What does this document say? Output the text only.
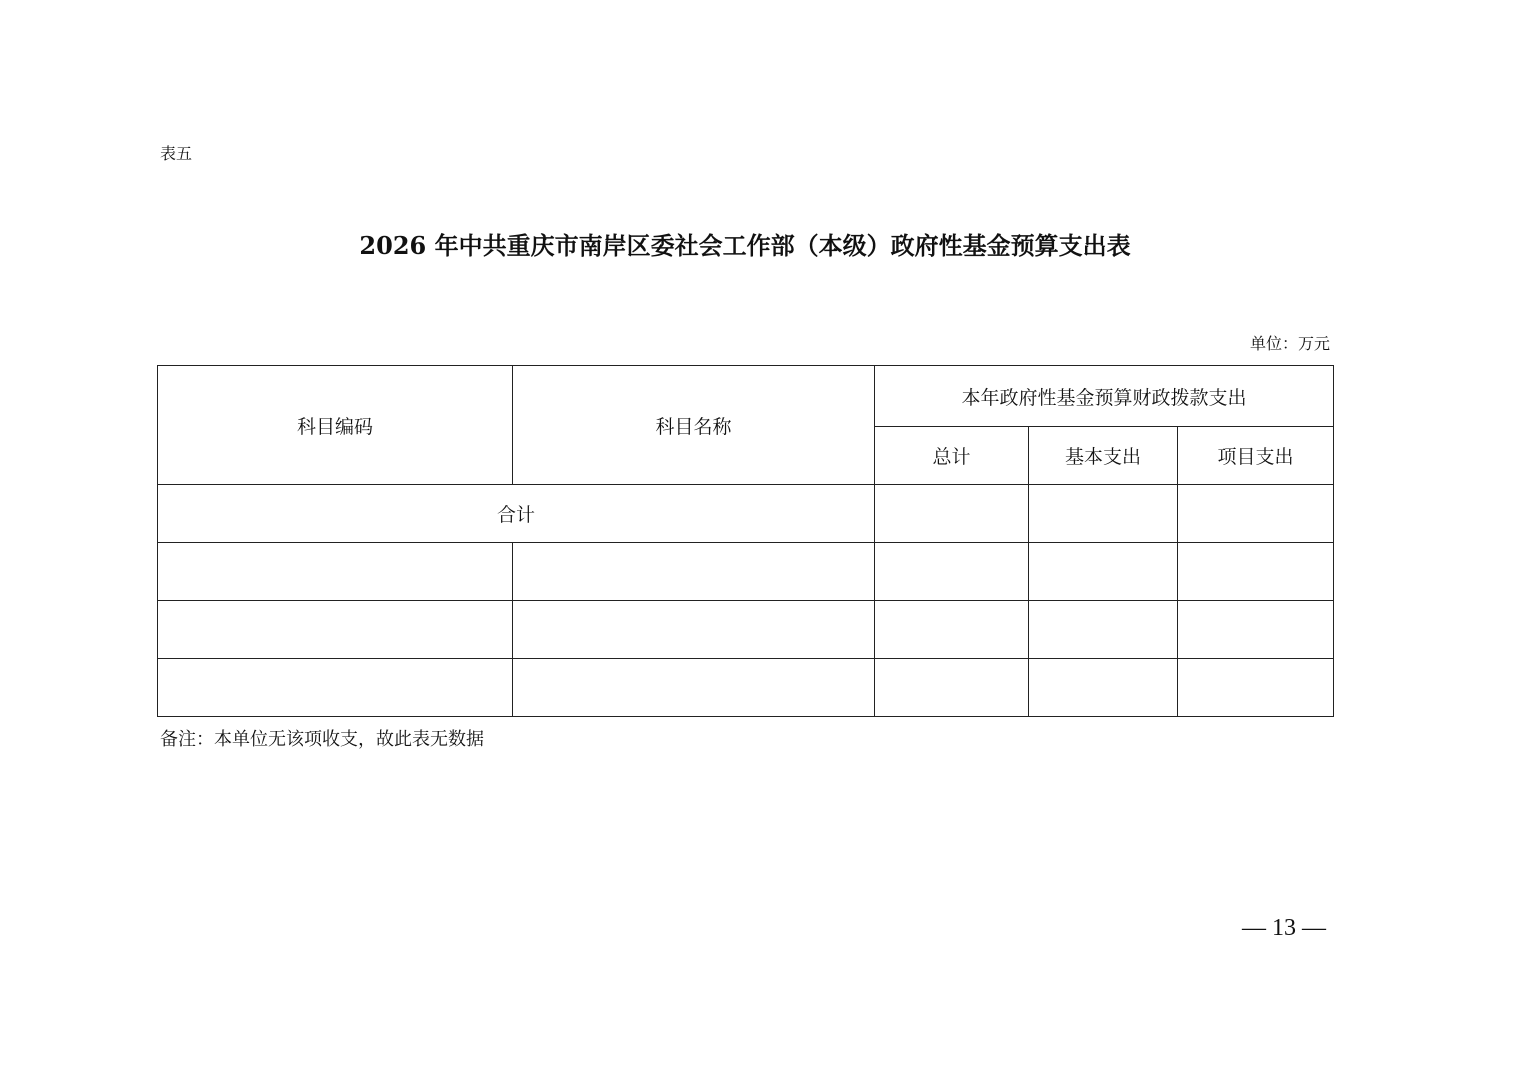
表五
2026 年中共重庆市南岸区委社会工作部（本级）政府性基金预算支出表
单位：万元
科目编码	科目名称	本年政府性基金预算财政拨款支出		
		总计	基本支出	项目支出
合计				

备注：本单位无该项收支，故此表无数据
— 13 —
